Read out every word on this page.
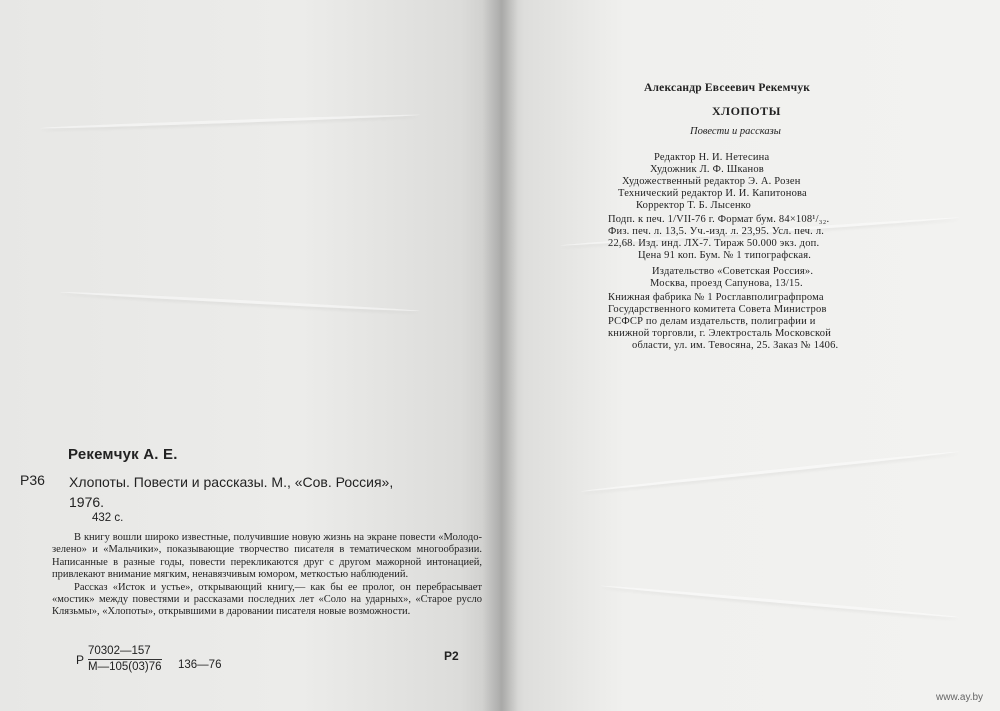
Рекемчук А. Е.
Р36 Хлопоты. Повести и рассказы. М., «Сов. Россия»,
1976.
432 с.

В книгу вошли широко известные, получившие новую жизнь на экране повести «Молодо-зелено» и «Мальчики», показывающие творчество писателя в тематическом многообразии. Написанные в разные годы, повести перекликаются друг с другом мажорной интонацией, привлекают внимание мягким, ненавязчивым юмором, меткостью наблюдений.

Рассказ «Исток и устье», открывающий книгу,— как бы ее пролог, он перебрасывает «мостик» между повестями и рассказами последних лет «Соло на ударных», «Старое русло Клязьмы», «Хлопоты», открывшими в даровании писателя новые возможности.

Р
70302—157
М—105(03)76 136—76
Р2
Александр Евсеевич Рекемчук
ХЛОПОТЫ
Повести и рассказы
Редактор Н. И. Нетесина
Художник Л. Ф. Шканов
Художественный редактор Э. А. Розен
Технический редактор И. И. Капитонова
Корректор Т. Б. Лысенко
Подп. к печ. 1/VII-76 г. Формат бум. 84×108¹/₃₂.
Физ. печ. л. 13,5. Уч.-изд. л. 23,95. Усл. печ. л.
22,68. Изд. инд. ЛХ-7. Тираж 50.000 экз. доп.
Цена 91 коп. Бум. № 1 типографская.
Издательство «Советская Россия».
Москва, проезд Сапунова, 13/15.
Книжная фабрика № 1 Росглавполиграфпрома
Государственного комитета Совета Министров
РСФСР по делам издательств, полиграфии и
книжной торговли, г. Электросталь Московской
области, ул. им. Тевосяна, 25. Заказ № 1406.
www.ay.by
